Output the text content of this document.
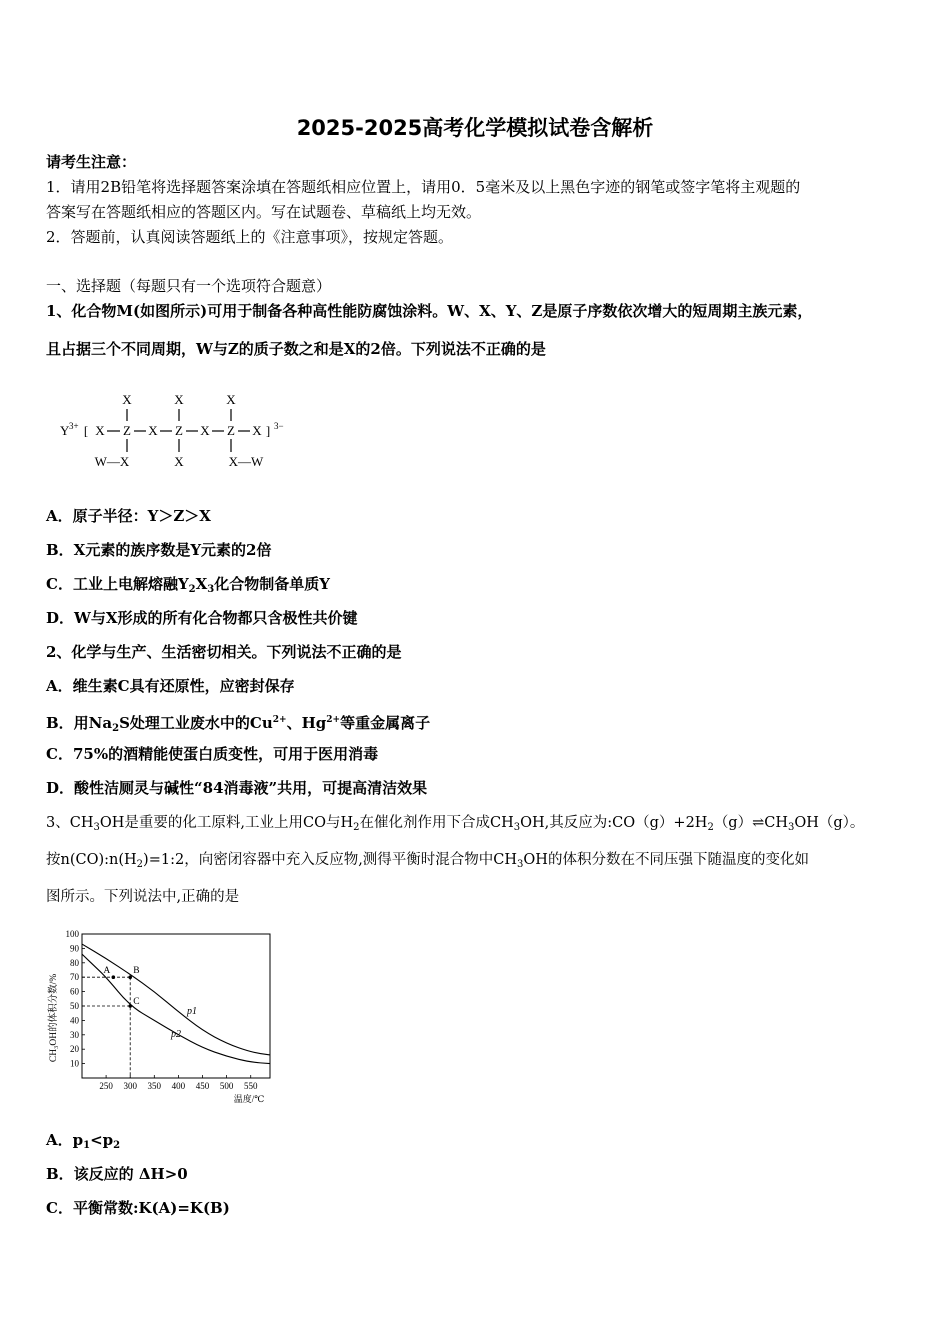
2025-2025高考化学模拟试卷含解析
请考生注意：
1．请用2B铅笔将选择题答案涂填在答题纸相应位置上，请用0．5毫米及以上黑色字迹的钢笔或签字笔将主观题的
答案写在答题纸相应的答题区内。写在试题卷、草稿纸上均无效。
2．答题前，认真阅读答题纸上的《注意事项》，按规定答题。
一、选择题（每题只有一个选项符合题意）
1、化合物M(如图所示)可用于制备各种高性能防腐蚀涂料。W、X、Y、Z是原子序数依次增大的短周期主族元素，
且占据三个不同周期，W与Z的质子数之和是X的2倍。下列说法不正确的是
X	X	X
Y 3+ [ X Z X Z X Z X ] 3−
W—X	X	X—W
A．原子半径：Y＞Z＞X
B．X元素的族序数是Y元素的2倍
C．工业上电解熔融$Y_2X_3$化合物制备单质Y
D．W与X形成的所有化合物都只含极性共价键
2、化学与生产、生活密切相关。下列说法不正确的是
A．维生素C具有还原性，应密封保存
B．用$Na_2S$处理工业废水中的$Cu^{2+}$、$Hg^{2+}$等重金属离子
C．75%的酒精能使蛋白质变性，可用于医用消毒
D．酸性洁厕灵与碱性“84消毒液”共用，可提高清洁效果
3、$CH_3OH$是重要的化工原料,工业上用CO与$H_2$在催化剂作用下合成$CH_3OH$,其反应为$:CO(g)+2H_2(g)\rightleftharpoons CH_3OH(g)$。
按$n(CO):n(H_2)=1:2$，向密闭容器中充入反应物,测得平衡时混合物中$CH_3OH$的体积分数在不同压强下随温度的变化如
图所示。下列说法中,正确的是
10
20
30
40
50
60
70
80
90
100
250 300 350 400 450 500 550
A B
C
CH₃OH的体积分数/%
温度/℃
p1
p2
A．$p_1<p_2$
B．该反应的 ΔH>0
C．平衡常数:K(A)=K(B)
